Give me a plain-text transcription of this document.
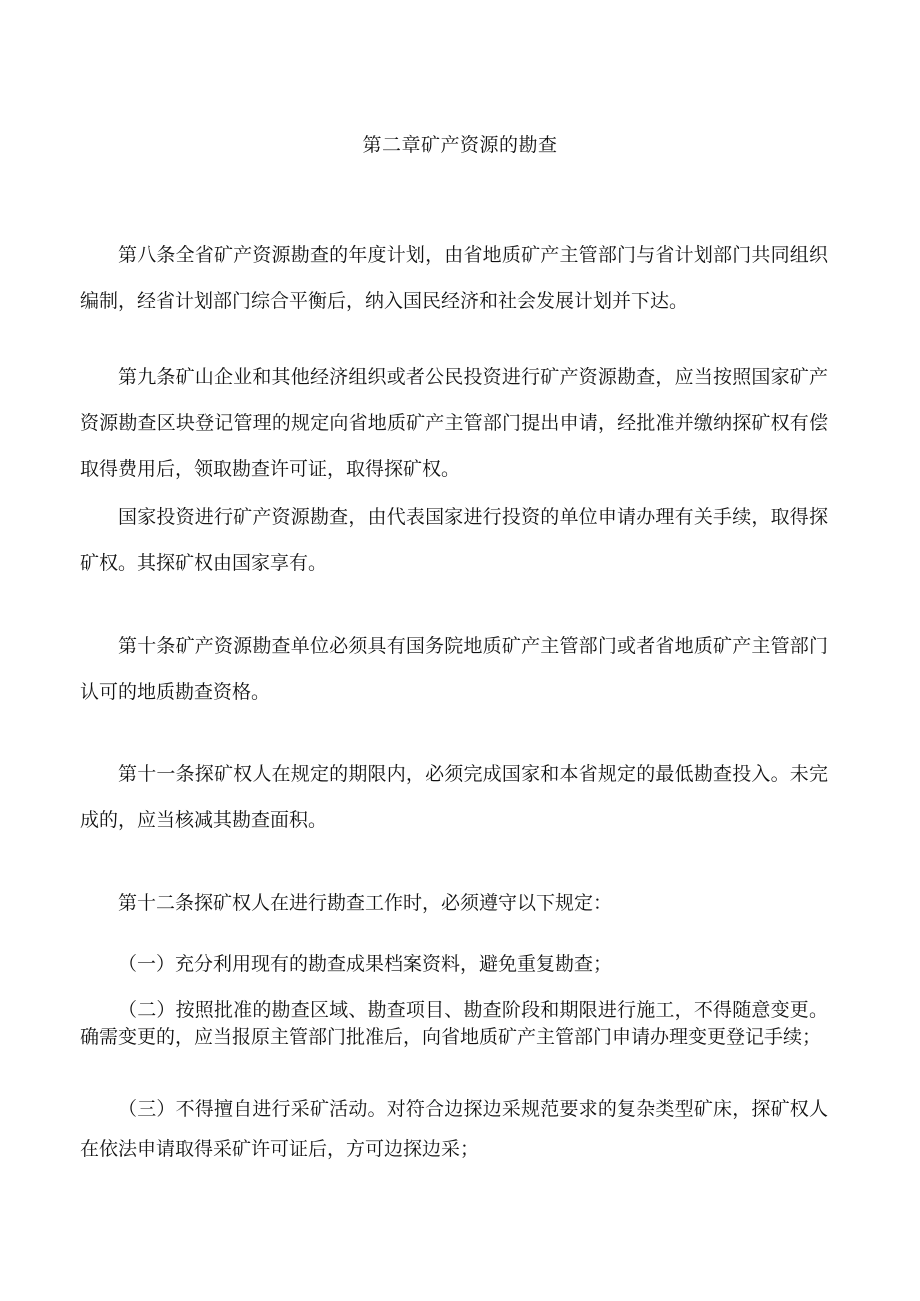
第二章矿产资源的勘查

第八条全省矿产资源勘查的年度计划，由省地质矿产主管部门与省计划部门共同组织编制，经省计划部门综合平衡后，纳入国民经济和社会发展计划并下达。

第九条矿山企业和其他经济组织或者公民投资进行矿产资源勘查，应当按照国家矿产资源勘查区块登记管理的规定向省地质矿产主管部门提出申请，经批准并缴纳探矿权有偿取得费用后，领取勘查许可证，取得探矿权。

国家投资进行矿产资源勘查，由代表国家进行投资的单位申请办理有关手续，取得探矿权。其探矿权由国家享有。

第十条矿产资源勘查单位必须具有国务院地质矿产主管部门或者省地质矿产主管部门认可的地质勘查资格。

第十一条探矿权人在规定的期限内，必须完成国家和本省规定的最低勘查投入。未完成的，应当核减其勘查面积。

第十二条探矿权人在进行勘查工作时，必须遵守以下规定：

（一）充分利用现有的勘查成果档案资料，避免重复勘查；

（二）按照批准的勘查区域、勘查项目、勘查阶段和期限进行施工，不得随意变更。确需变更的，应当报原主管部门批准后，向省地质矿产主管部门申请办理变更登记手续；

（三）不得擅自进行采矿活动。对符合边探边采规范要求的复杂类型矿床，探矿权人在依法申请取得采矿许可证后，方可边探边采；
